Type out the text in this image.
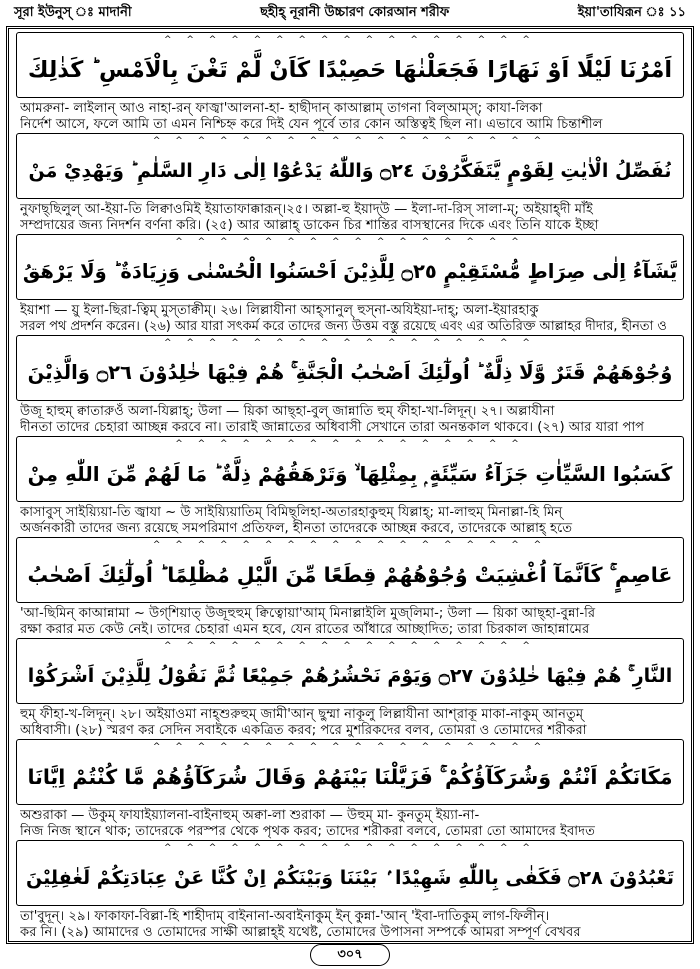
সূরা ইউনুস্‌ ঃ মাদানী	ছহীহ্‌ নূরানী উচ্চারণ কোরআন শরীফ	ইয়া'তাযিরূন ঃ ১১
^ ^ ^ ^ ^ ^ ^ ^ ^ ^ ^ ^ ^ ^ ^ ^ ^
اَمْرُنَا لَيْلًا اَوْ نَهَارًا فَجَعَلْنٰهَا حَصِيْدًا كَاَنْ لَّمْ تَغْنَ بِالْاَمْسِ ؕ كَذٰلِكَ
আমরুনা- লাইলান্‌ আও নাহা-রন্‌ ফাজ্বা'আলনা-হা- হাছীদান্‌ কাআল্লাম্‌ তাগনা বিল্‌আম্‌স্‌; কাযা-লিকা
নির্দেশ আসে, ফলে আমি তা এমন নিশ্চিহ্ন করে দিই যেন পূর্বে তার কোন অস্তিত্বই ছিল না। এভাবে আমি চিন্তাশীল
^ ^ ^ ^ ^ ^ ^ ^ ^ ^ ^ ^ ^ ^ ^ ^ ^ ^
نُفَصِّلُ الْاٰيٰتِ لِقَوْمٍ يَّتَفَكَّرُوْنَ ۝٢٤ وَاللّٰهُ يَدْعُوْٓا اِلٰى دَارِ السَّلٰمِ ؕ وَيَهْدِيْ مَنْ
নুফাছ্‌ছিলুল্‌ আ-ইয়া-তি লিক্বাওমিই ইয়াতাফাক্কারূন্‌।২৫। অল্লা-হু ইয়াদ্‌উ — ইলা-দা-রিস্‌ সালা-ম্‌; অইয়াহ্‌দী মাঁই
সম্প্রদায়ের জন্য নিদর্শন বর্ণনা করি। (২৫) আর আল্লাহ্‌ ডাকেন চির শান্তির বাসস্থানের দিকে এবং তিনি যাকে ইচ্ছা
^ ^ ^ ^ ^ ^ ^ ^ ^ ^ ^ ^ ^ ^ ^ ^
يَّشَآءُ اِلٰى صِرَاطٍ مُّسْتَقِيْمٍ ۝٢٥ لِلَّذِيْنَ اَحْسَنُوا الْحُسْنٰى وَزِيَادَةٌ ؕ وَلَا يَرْهَقُ
ইয়াশা — য়ু ইলা-ছিরা-ত্বিম্‌ মুস্‌তাক্বীম্‌। ২৬। লিল্লাযীনা আহ্‌সানুল্‌ হুস্‌না-অযিইয়া-দাহ্‌; অলা-ইয়ারহাকু
সরল পথ প্রদর্শন করেন। (২৬) আর যারা সৎকর্ম করে তাদের জন্য উত্তম বস্তু রয়েছে এবং এর অতিরিক্ত আল্লাহর দীদার, হীনতা ও
^ ^ ^ ^ ^ ^ ^ ^ ^ ^ ^ ^ ^ ^ ^ ^ ^
وُجُوْهَهُمْ قَتَرٌ وَّلَا ذِلَّةٌ ؕ اُولٰٓئِكَ اَصْحٰبُ الْجَنَّةِ ۚ هُمْ فِيْهَا خٰلِدُوْنَ ۝٢٦ وَالَّذِيْنَ
উজূ হাহুম্‌ ক্বাতারুওঁ অলা-যিল্লাহ্‌; উলা — য়িকা আছ্‌হা-বুল্‌ জান্নাতি হুম্‌ ফীহা-খা-লিদূন্‌। ২৭। অল্লাযীনা
দীনতা তাদের চেহারা আচ্ছন্ন করবে না। তারাই জান্নাতের অধিবাসী সেখানে তারা অনন্তকাল থাকবে। (২৭) আর যারা পাপ
^ ^ ^ ^ ^ ^ ^ ^ ^ ^ ^ ^ ^ ^ ^ ^
كَسَبُوا السَّيِّاٰتِ جَزَآءُ سَيِّئَةٍ ۭ بِمِثْلِهَا ۙ وَتَرْهَقُهُمْ ذِلَّةٌ ؕ مَا لَهُمْ مِّنَ اللّٰهِ مِنْ
কাসাবুস্‌ সাইয়্যিয়া-তি জ্বাযা ~ উ সাইয়্যিয়াতিম্‌ বিমিছ্‌লিহা-অতারহাকুহুম্‌ যিল্লাহ্‌; মা-লাহুম্‌ মিনাল্লা-হি মিন্‌
অর্জনকারী তাদের জন্য রয়েছে সমপরিমাণ প্রতিফল, হীনতা তাদেরকে আচ্ছন্ন করবে, তাদেরকে আল্লাহ্‌ হতে
^ ^ ^ ^ ^ ^ ^ ^ ^ ^ ^ ^ ^ ^ ^ ^ ^ ^
عَاصِمٍ ۚ كَاَنَّمَآ اُغْشِيَتْ وُجُوْهُهُمْ قِطَعًا مِّنَ الَّيْلِ مُظْلِمًا ؕ اُولٰٓئِكَ اَصْحٰبُ
'আ-ছিমিন্‌ কাআন্নামা ~ উগ্‌শিয়াত্‌ উজূহুহুম্‌ ক্বিত্বোয়া'আম্‌ মিনাল্লাইলি মুজ্‌লিমা-; উলা — য়িকা আছ্‌হা-বুন্না-রি
রক্ষা করার মত কেউ নেই। তাদের চেহারা এমন হবে, যেন রাতের আঁধারে আচ্ছাদিত; তারা চিরকাল জাহান্নামের
^ ^ ^ ^ ^ ^ ^ ^ ^ ^ ^ ^ ^ ^ ^ ^ ^
النَّارِ ۚ هُمْ فِيْهَا خٰلِدُوْنَ ۝٢٧ وَيَوْمَ نَحْشُرُهُمْ جَمِيْعًا ثُمَّ نَقُوْلُ لِلَّذِيْنَ اَشْرَكُوْا
হুম্‌ ফীহা-খ-লিদূন্‌। ২৮। অইয়াওমা নাহ্‌শুরুহুম্‌ জামী'আন্‌ ছুম্মা নাকূলু লিল্লাযীনা আশ্‌রাকূ মাকা-নাকুম্‌ আনতুম্‌
অধিবাসী। (২৮) স্মরণ কর সেদিন সবাইকে একত্রিত করব; পরে মুশরিকদের বলব, তোমরা ও তোমাদের শরীকরা
^ ^ ^ ^ ^ ^ ^ ^ ^ ^ ^ ^ ^ ^ ^ ^ ^ ^
مَكَانَكُمْ اَنْتُمْ وَشُرَكَآؤُكُمْ ۚ فَزَيَّلْنَا بَيْنَهُمْ وَقَالَ شُرَكَآؤُهُمْ مَّا كُنْتُمْ اِيَّانَا
অশুরাকা — উকুম্‌ ফাযাইয়্যালনা-বাইনাহুম্‌ অক্বা-লা শুরাকা — উহুম্‌ মা- কুনতুম্‌ ইয়্যা-না-
নিজ নিজ স্থানে থাক; তাদেরকে পরস্পর থেকে পৃথক করব; তাদের শরীকরা বলবে, তোমরা তো আমাদের ইবাদত
^ ^ ^ ^ ^ ^ ^ ^ ^ ^ ^ ^ ^ ^ ^ ^ ^
تَعْبُدُوْنَ ۝٢٨ فَكَفٰى بِاللّٰهِ شَهِيْدًا ۢ بَيْنَنَا وَبَيْنَكُمْ اِنْ كُنَّا عَنْ عِبَادَتِكُمْ لَغٰفِلِيْنَ
তা'বুদূন্‌। ২৯। ফাকাফা-বিল্লা-হি শাহীদাম্‌ বাইনানা-অবাইনাকুম্‌ ইন্‌ কুন্না-'আন্‌ 'ইবা-দাতিকুম্‌ লাগ-ফিলীন্‌।
কর নি। (২৯) আমাদের ও তোমাদের সাক্ষী আল্লাহ্‌ই যথেষ্ট, তোমাদের উপাসনা সম্পর্কে আমরা সম্পূর্ণ বেখবর
৩০৭
